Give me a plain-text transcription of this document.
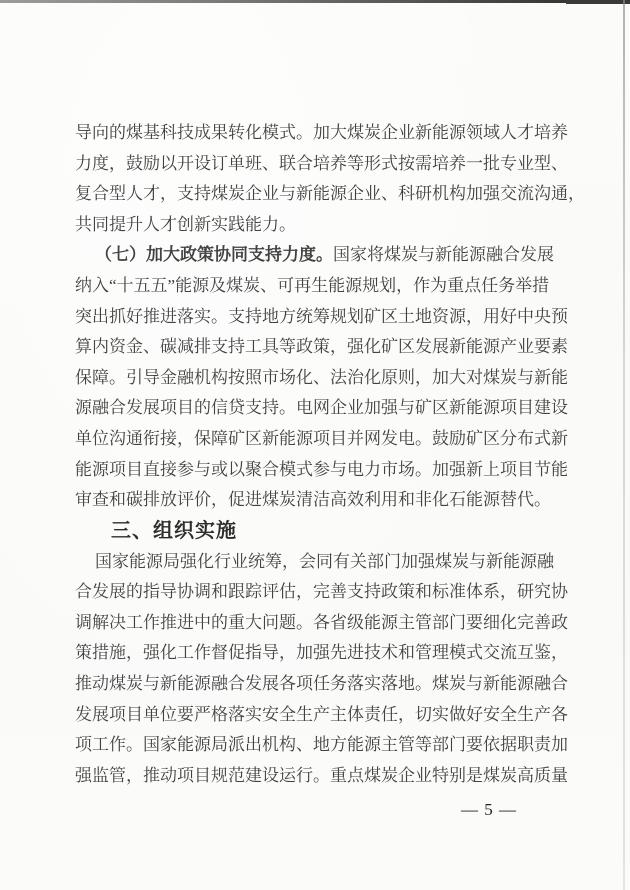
导向的煤基科技成果转化模式。加大煤炭企业新能源领域人才培养
力度，鼓励以开设订单班、联合培养等形式按需培养一批专业型、
复合型人才，支持煤炭企业与新能源企业、科研机构加强交流沟通，
共同提升人才创新实践能力。
（七）加大政策协同支持力度。国家将煤炭与新能源融合发展
纳入“十五五”能源及煤炭、可再生能源规划，作为重点任务举措
突出抓好推进落实。支持地方统筹规划矿区土地资源，用好中央预
算内资金、碳减排支持工具等政策，强化矿区发展新能源产业要素
保障。引导金融机构按照市场化、法治化原则，加大对煤炭与新能
源融合发展项目的信贷支持。电网企业加强与矿区新能源项目建设
单位沟通衔接，保障矿区新能源项目并网发电。鼓励矿区分布式新
能源项目直接参与或以聚合模式参与电力市场。加强新上项目节能
审查和碳排放评价，促进煤炭清洁高效利用和非化石能源替代。
三、组织实施
国家能源局强化行业统筹，会同有关部门加强煤炭与新能源融
合发展的指导协调和跟踪评估，完善支持政策和标准体系，研究协
调解决工作推进中的重大问题。各省级能源主管部门要细化完善政
策措施，强化工作督促指导，加强先进技术和管理模式交流互鉴，
推动煤炭与新能源融合发展各项任务落实落地。煤炭与新能源融合
发展项目单位要严格落实安全生产主体责任，切实做好安全生产各
项工作。国家能源局派出机构、地方能源主管等部门要依据职责加
强监管，推动项目规范建设运行。重点煤炭企业特别是煤炭高质量
— 5 —
